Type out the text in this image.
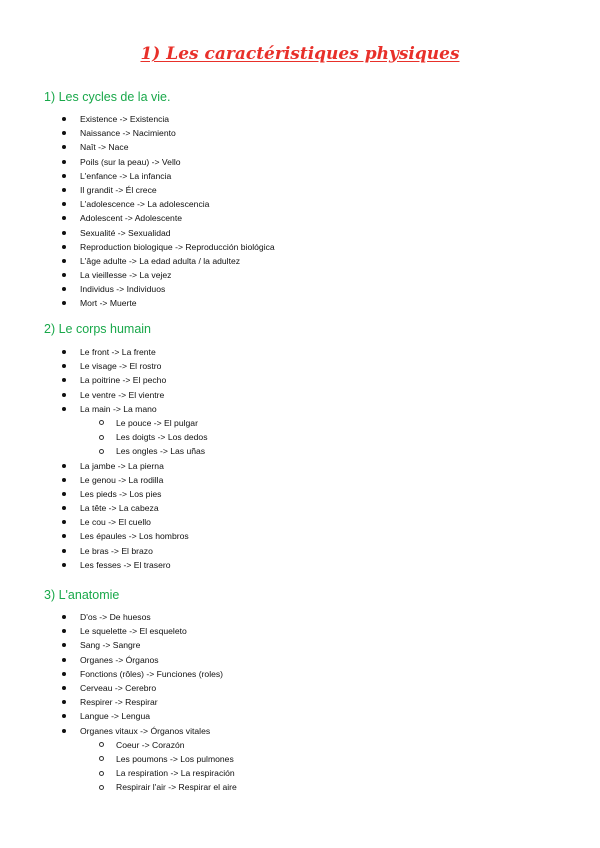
1) Les caractéristiques physiques
1) Les cycles de la vie.
Existence -> Existencia
Naissance -> Nacimiento
Naît -> Nace
Poils (sur la peau) -> Vello
L'enfance -> La infancia
Il grandit -> Él crece
L'adolescence -> La adolescencia
Adolescent -> Adolescente
Sexualité -> Sexualidad
Reproduction biologique -> Reproducción biológica
L'âge adulte -> La edad adulta / la adultez
La vieillesse -> La vejez
Individus -> Individuos
Mort -> Muerte
2) Le corps humain
Le front -> La frente
Le visage -> El rostro
La poitrine -> El pecho
Le ventre -> El vientre
La main -> La mano
Le pouce -> El pulgar
Les doigts -> Los dedos
Les ongles -> Las uñas
La jambe -> La pierna
Le genou -> La rodilla
Les pieds -> Los pies
La tête -> La cabeza
Le cou -> El cuello
Les épaules -> Los hombros
Le bras -> El brazo
Les fesses -> El trasero
3) L'anatomie
D'os -> De huesos
Le squelette -> El esqueleto
Sang -> Sangre
Organes -> Órganos
Fonctions (rôles) -> Funciones (roles)
Cerveau -> Cerebro
Respirer -> Respirar
Langue -> Lengua
Organes vitaux -> Órganos vitales
Coeur -> Corazón
Les poumons -> Los pulmones
La respiration -> La respiración
Respirair l'air -> Respirar el aire
